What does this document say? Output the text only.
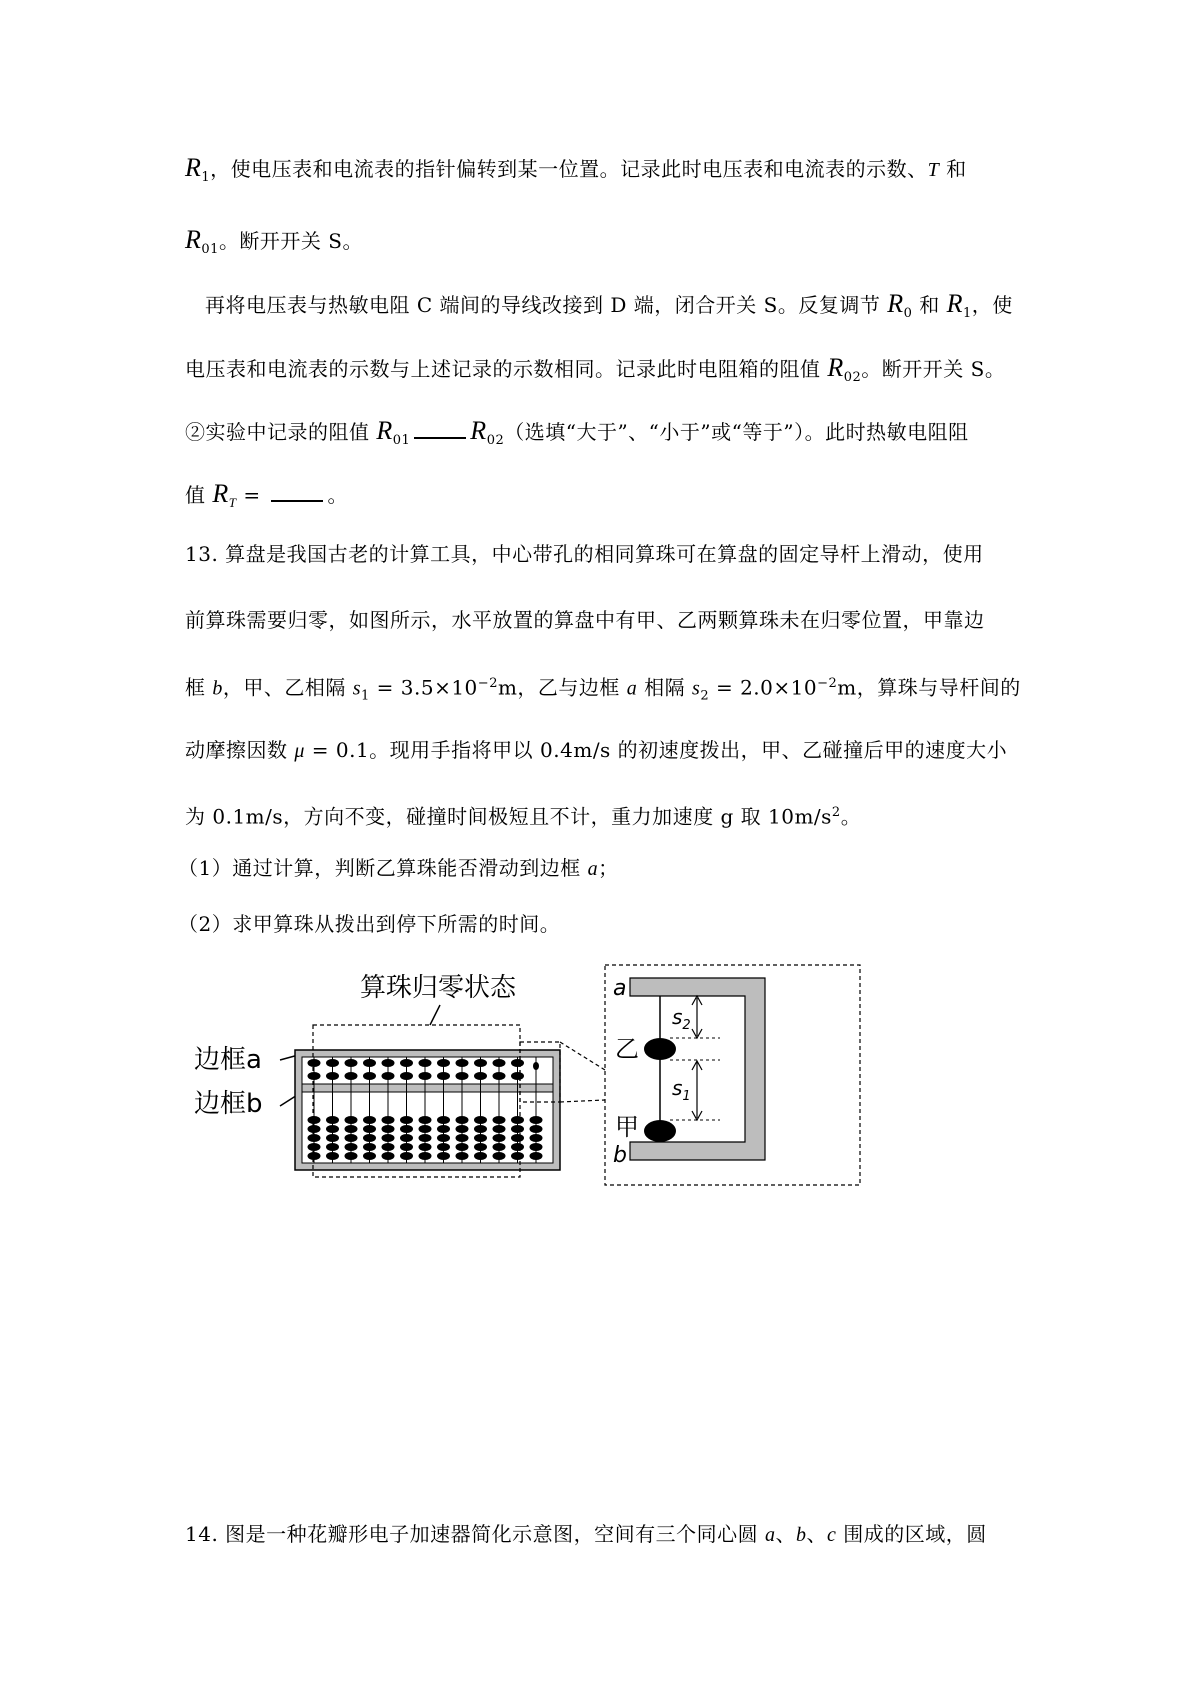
$R_1$，使电压表和电流表的指针偏转到某一位置。记录此时电压表和电流表的示数、T 和
$R_{01}$。断开开关 S。
再将电压表与热敏电阻 C 端间的导线改接到 D 端，闭合开关 S。反复调节 $R_0$ 和 $R_1$，使
电压表和电流表的示数与上述记录的示数相同。记录此时电阻箱的阻值 $R_{02}$。断开开关 S。
②实验中记录的阻值 $R_{01}$ $R_{02}$（选填“大于”、“小于”或“等于”）。此时热敏电阻阻
值 $R_T$ =	。
13. 算盘是我国古老的计算工具，中心带孔的相同算珠可在算盘的固定导杆上滑动，使用
前算珠需要归零，如图所示，水平放置的算盘中有甲、乙两颗算珠未在归零位置，甲靠边
框 b，甲、乙相隔 $s_1 = 3.5\times 10^{-2}m$，乙与边框 a 相隔 $s_2 = 2.0\times 10^{-2}m$，算珠与导杆间的
动摩擦因数 μ = 0.1。现用手指将甲以 0.4m/s 的初速度拨出，甲、乙碰撞后甲的速度大小
为 0.1m/s，方向不变，碰撞时间极短且不计，重力加速度 g 取 $10m/s^2$。
（1）通过计算，判断乙算珠能否滑动到边框 a；
（2）求甲算珠从拨出到停下所需的时间。
算珠归零状态
边框a
边框b
a
b
乙
甲
$s_2$
$s_1$
14. 图是一种花瓣形电子加速器简化示意图，空间有三个同心圆 a、b、c 围成的区域，圆
